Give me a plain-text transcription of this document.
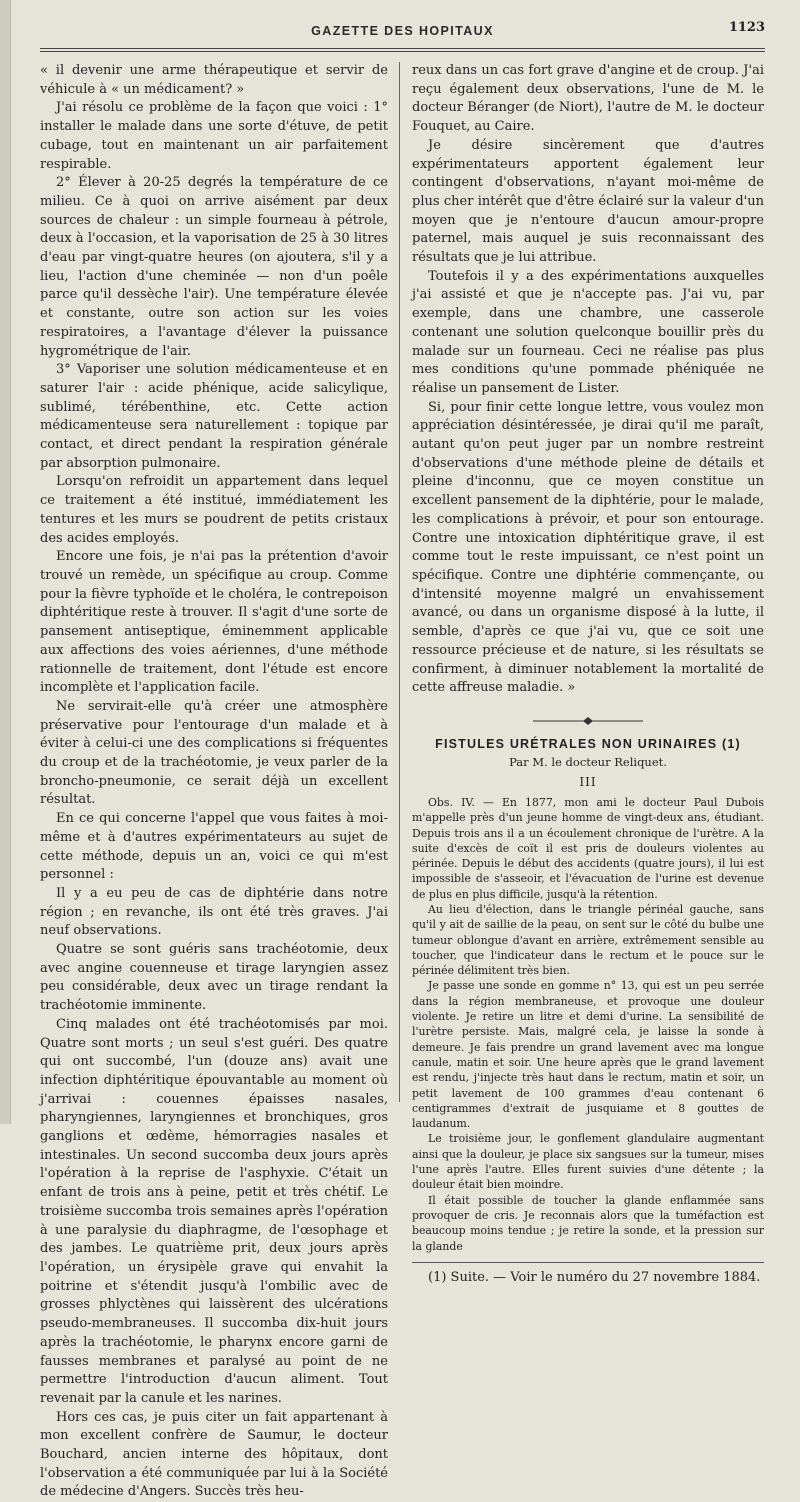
GAZETTE DES HOPITAUX	1123

« il devenir une arme thérapeutique et servir de véhicule à « un médicament? »

J'ai résolu ce problème de la façon que voici : 1° installer le malade dans une sorte d'étuve, de petit cubage, tout en maintenant un air parfaitement respirable.

2° Élever à 20-25 degrés la température de ce milieu. Ce à quoi on arrive aisément par deux sources de chaleur : un simple fourneau à pétrole, deux à l'occasion, et la vaporisation de 25 à 30 litres d'eau par vingt-quatre heures (on ajoutera, s'il y a lieu, l'action d'une cheminée — non d'un poêle parce qu'il dessèche l'air). Une température élevée et constante, outre son action sur les voies respiratoires, a l'avantage d'élever la puissance hygrométrique de l'air.

3° Vaporiser une solution médicamenteuse et en saturer l'air : acide phénique, acide salicylique, sublimé, térébenthine, etc. Cette action médicamenteuse sera naturellement : topique par contact, et direct pendant la respiration générale par absorption pulmonaire.

Lorsqu'on refroidit un appartement dans lequel ce traitement a été institué, immédiatement les tentures et les murs se poudrent de petits cristaux des acides employés.

Encore une fois, je n'ai pas la prétention d'avoir trouvé un remède, un spécifique au croup. Comme pour la fièvre typhoïde et le choléra, le contrepoison diphtéritique reste à trouver. Il s'agit d'une sorte de pansement antiseptique, éminemment applicable aux affections des voies aériennes, d'une méthode rationnelle de traitement, dont l'étude est encore incomplète et l'application facile.

Ne servirait-elle qu'à créer une atmosphère préservative pour l'entourage d'un malade et à éviter à celui-ci une des complications si fréquentes du croup et de la trachéotomie, je veux parler de la broncho-pneumonie, ce serait déjà un excellent résultat.

En ce qui concerne l'appel que vous faites à moi-même et à d'autres expérimentateurs au sujet de cette méthode, depuis un an, voici ce qui m'est personnel :

Il y a eu peu de cas de diphtérie dans notre région ; en revanche, ils ont été très graves. J'ai neuf observations.

Quatre se sont guéris sans trachéotomie, deux avec angine couenneuse et tirage laryngien assez peu considérable, deux avec un tirage rendant la trachéotomie imminente.

Cinq malades ont été trachéotomisés par moi. Quatre sont morts ; un seul s'est guéri. Des quatre qui ont succombé, l'un (douze ans) avait une infection diphtéritique épouvantable au moment où j'arrivai : couennes épaisses nasales, pharyngiennes, laryngiennes et bronchiques, gros ganglions et œdème, hémorragies nasales et intestinales. Un second succomba deux jours après l'opération à la reprise de l'asphyxie. C'était un enfant de trois ans à peine, petit et très chétif. Le troisième succomba trois semaines après l'opération à une paralysie du diaphragme, de l'œsophage et des jambes. Le quatrième prit, deux jours après l'opération, un érysipèle grave qui envahit la poitrine et s'étendit jusqu'à l'ombilic avec de grosses phlyctènes qui laissèrent des ulcérations pseudo-membraneuses. Il succomba dix-huit jours après la trachéotomie, le pharynx encore garni de fausses membranes et paralysé au point de ne permettre l'introduction d'aucun aliment. Tout revenait par la canule et les narines.

Hors ces cas, je puis citer un fait appartenant à mon excellent confrère de Saumur, le docteur Bouchard, ancien interne des hôpitaux, dont l'observation a été communiquée par lui à la Société de médecine d'Angers. Succès très heu-

reux dans un cas fort grave d'angine et de croup. J'ai reçu également deux observations, l'une de M. le docteur Béranger (de Niort), l'autre de M. le docteur Fouquet, au Caire.

Je désire sincèrement que d'autres expérimentateurs apportent également leur contingent d'observations, n'ayant moi-même de plus cher intérêt que d'être éclairé sur la valeur d'un moyen que je n'entoure d'aucun amour-propre paternel, mais auquel je suis reconnaissant des résultats que je lui attribue.

Toutefois il y a des expérimentations auxquelles j'ai assisté et que je n'accepte pas. J'ai vu, par exemple, dans une chambre, une casserole contenant une solution quelconque bouillir près du malade sur un fourneau. Ceci ne réalise pas plus mes conditions qu'une pommade phéniquée ne réalise un pansement de Lister.

Si, pour finir cette longue lettre, vous voulez mon appréciation désintéressée, je dirai qu'il me paraît, autant qu'on peut juger par un nombre restreint d'observations d'une méthode pleine de détails et pleine d'inconnu, que ce moyen constitue un excellent pansement de la diphtérie, pour le malade, les complications à prévoir, et pour son entourage. Contre une intoxication diphtéritique grave, il est comme tout le reste impuissant, ce n'est point un spécifique. Contre une diphtérie commençante, ou d'intensité moyenne malgré un envahissement avancé, ou dans un organisme disposé à la lutte, il semble, d'après ce que j'ai vu, que ce soit une ressource précieuse et de nature, si les résultats se confirment, à diminuer notablement la mortalité de cette affreuse maladie. »

FISTULES URÉTRALES NON URINAIRES (1)
Par M. le docteur Reliquet.
III

Obs. IV. — En 1877, mon ami le docteur Paul Dubois m'appelle près d'un jeune homme de vingt-deux ans, étudiant. Depuis trois ans il a un écoulement chronique de l'urètre. A la suite d'excès de coït il est pris de douleurs violentes au périnée. Depuis le début des accidents (quatre jours), il lui est impossible de s'asseoir, et l'évacuation de l'urine est devenue de plus en plus difficile, jusqu'à la rétention.

Au lieu d'élection, dans le triangle périnéal gauche, sans qu'il y ait de saillie de la peau, on sent sur le côté du bulbe une tumeur oblongue d'avant en arrière, extrêmement sensible au toucher, que l'indicateur dans le rectum et le pouce sur le périnée délimitent très bien.

Je passe une sonde en gomme n° 13, qui est un peu serrée dans la région membraneuse, et provoque une douleur violente. Je retire un litre et demi d'urine. La sensibilité de l'urètre persiste. Mais, malgré cela, je laisse la sonde à demeure. Je fais prendre un grand lavement avec ma longue canule, matin et soir. Une heure après que le grand lavement est rendu, j'injecte très haut dans le rectum, matin et soir, un petit lavement de 100 grammes d'eau contenant 6 centigrammes d'extrait de jusquiame et 8 gouttes de laudanum.

Le troisième jour, le gonflement glandulaire augmentant ainsi que la douleur, je place six sangsues sur la tumeur, mises l'une après l'autre. Elles furent suivies d'une détente ; la douleur était bien moindre.

Il était possible de toucher la glande enflammée sans provoquer de cris. Je reconnais alors que la tuméfaction est beaucoup moins tendue ; je retire la sonde, et la pression sur la glande

(1) Suite. — Voir le numéro du 27 novembre 1884.
